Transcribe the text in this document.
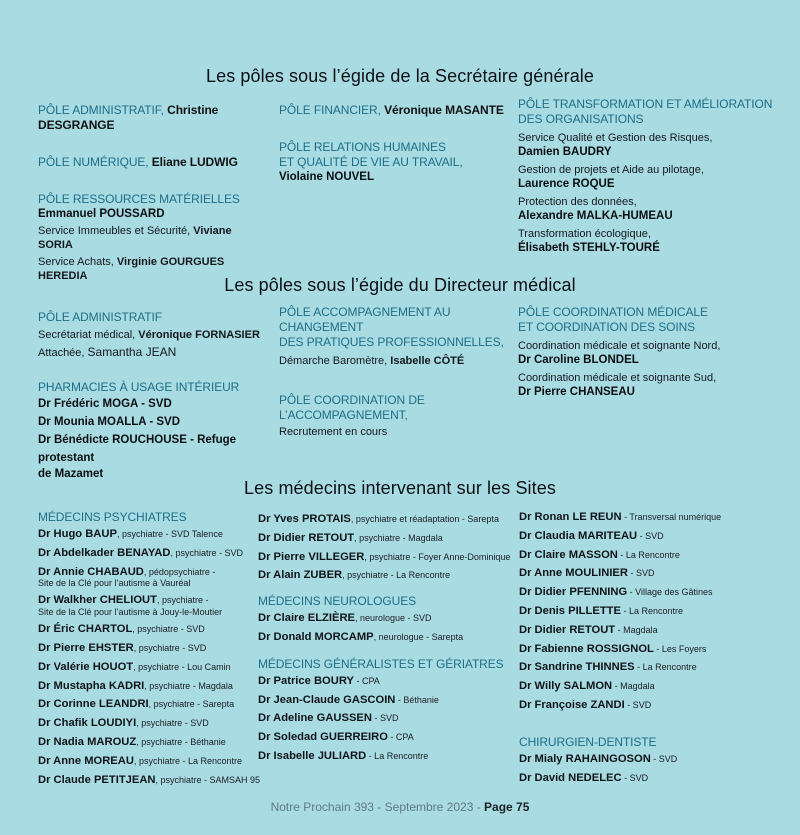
Les pôles sous l’égide de la Secrétaire générale

PÔLE ADMINISTRATIF, Christine DESGRANGE

PÔLE NUMÉRIQUE, Eliane LUDWIG

PÔLE RESSOURCES MATÉRIELLES

Emmanuel POUSSARD

Service Immeubles et Sécurité, Viviane SORIA

Service Achats, Virginie GOURGUES HEREDIA

PÔLE FINANCIER, Véronique MASANTE

PÔLE RELATIONS HUMAINES

ET QUALITÉ DE VIE AU TRAVAIL,

Violaine NOUVEL

PÔLE TRANSFORMATION ET AMÉLIORATION

DES ORGANISATIONS

Service Qualité et Gestion des Risques,

Damien BAUDRY

Gestion de projets et Aide au pilotage,

Laurence ROQUE

Protection des données,

Alexandre MALKA-HUMEAU

Transformation écologique,

Élisabeth STEHLY-TOURÉ

Les pôles sous l’égide du Directeur médical

PÔLE ADMINISTRATIF

Secrétariat médical, Véronique FORNASIER

Attachée, Samantha JEAN

PHARMACIES À USAGE INTÉRIEUR

Dr Frédéric MOGA - SVD

Dr Mounia MOALLA - SVD

Dr Bénédicte ROUCHOUSE - Refuge protestant

de Mazamet

PÔLE ACCOMPAGNEMENT AU CHANGEMENT

DES PRATIQUES PROFESSIONNELLES,

Démarche Baromètre, Isabelle CÔTÉ

PÔLE COORDINATION DE L’ACCOMPAGNEMENT,

Recrutement en cours

PÔLE COORDINATION MÉDICALE

ET COORDINATION DES SOINS

Coordination médicale et soignante Nord,

Dr Caroline BLONDEL

Coordination médicale et soignante Sud,

Dr Pierre CHANSEAU

Les médecins intervenant sur les Sites

MÉDECINS PSYCHIATRES

Dr Hugo BAUP, psychiatre - SVD Talence

Dr Abdelkader BENAYAD, psychiatre - SVD

Dr Annie CHABAUD, pédopsychiatre -

Site de la Clé pour l’autisme à Vauréal

Dr Walkher CHELIOUT, psychiatre -

Site de la Clé pour l’autisme à Jouy-le-Moutier

Dr Éric CHARTOL, psychiatre - SVD

Dr Pierre EHSTER, psychiatre - SVD

Dr Valérie HOUOT, psychiatre - Lou Camin

Dr Mustapha KADRI, psychiatre - Magdala

Dr Corinne LEANDRI, psychiatre - Sarepta

Dr Chafik LOUDIYI, psychiatre - SVD

Dr Nadia MAROUZ, psychiatre - Béthanie

Dr Anne MOREAU, psychiatre - La Rencontre

Dr Claude PETITJEAN, psychiatre - SAMSAH 95

Dr Yves PROTAIS, psychiatre et réadaptation - Sarepta

Dr Didier RETOUT, psychiatre - Magdala

Dr Pierre VILLEGER, psychiatre - Foyer Anne-Dominique

Dr Alain ZUBER, psychiatre - La Rencontre

MÉDECINS NEUROLOGUES

Dr Claire ELZIÈRE, neurologue - SVD

Dr Donald MORCAMP, neurologue - Sarepta

MÉDECINS GÉNÉRALISTES ET GÉRIATRES

Dr Patrice BOURY - CPA

Dr Jean-Claude GASCOIN - Béthanie

Dr Adeline GAUSSEN - SVD

Dr Soledad GUERREIRO - CPA

Dr Isabelle JULIARD - La Rencontre

Dr Ronan LE REUN - Transversal numérique

Dr Claudia MARITEAU - SVD

Dr Claire MASSON - La Rencontre

Dr Anne MOULINIER - SVD

Dr Didier PFENNING - Village des Gâtines

Dr Denis PILLETTE - La Rencontre

Dr Didier RETOUT - Magdala

Dr Fabienne ROSSIGNOL - Les Foyers

Dr Sandrine THINNES - La Rencontre

Dr Willy SALMON - Magdala

Dr Françoise ZANDI - SVD

CHIRURGIEN-DENTISTE

Dr Mialy RAHAINGOSON - SVD

Dr David NEDELEC - SVD

Notre Prochain 393 - Septembre 2023 - Page 75
